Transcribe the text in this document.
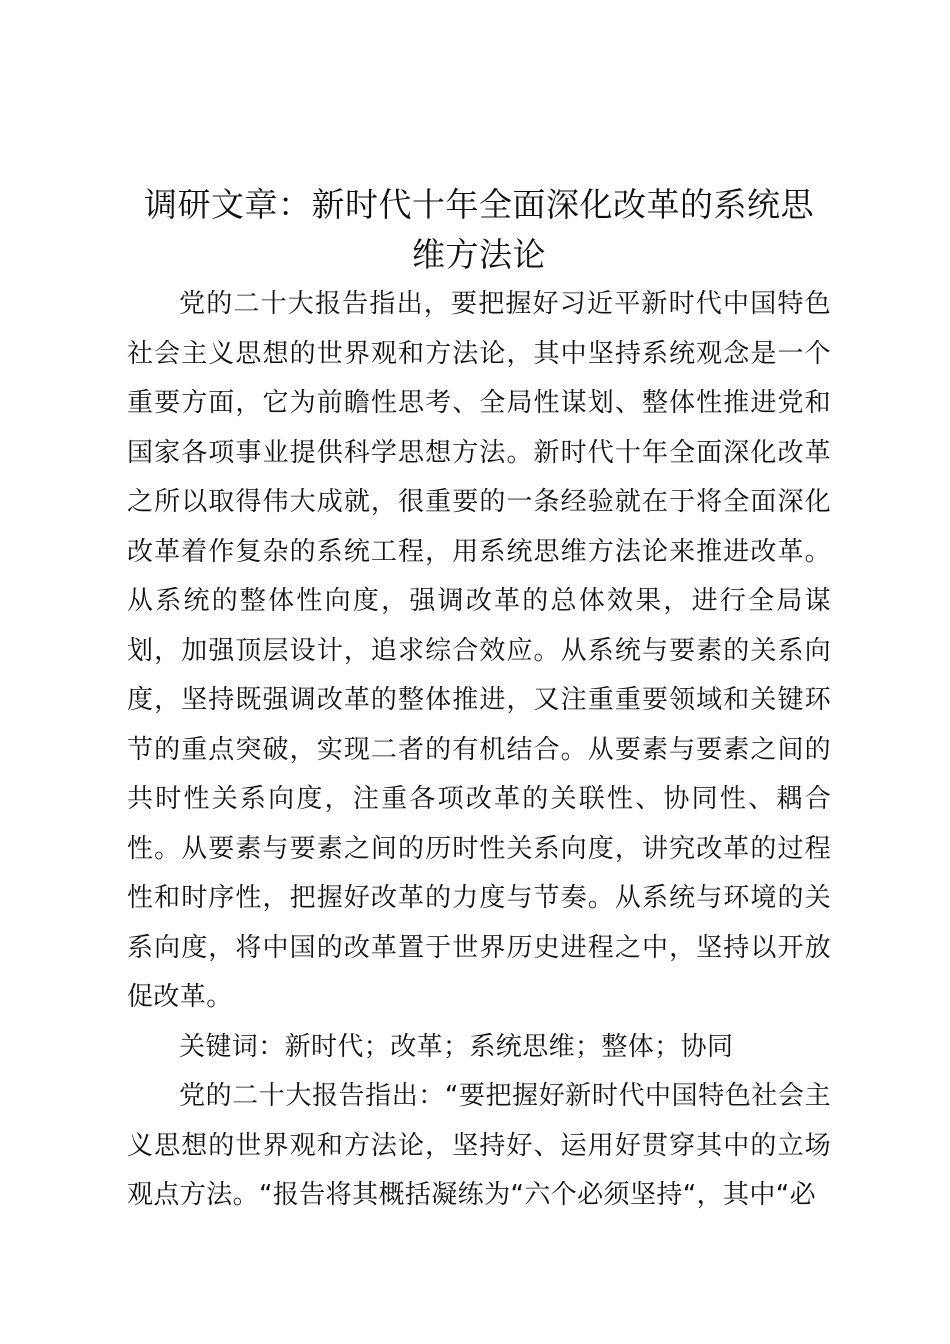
调研文章：新时代十年全面深化改革的系统思
维方法论

党的二十大报告指出，要把握好习近平新时代中国特色社会主义思想的世界观和方法论，其中坚持系统观念是一个重要方面，它为前瞻性思考、全局性谋划、整体性推进党和国家各项事业提供科学思想方法。新时代十年全面深化改革之所以取得伟大成就，很重要的一条经验就在于将全面深化改革着作复杂的系统工程，用系统思维方法论来推进改革。从系统的整体性向度，强调改革的总体效果，进行全局谋划，加强顶层设计，追求综合效应。从系统与要素的关系向度，坚持既强调改革的整体推进，又注重重要领域和关键环节的重点突破，实现二者的有机结合。从要素与要素之间的共时性关系向度，注重各项改革的关联性、协同性、耦合性。从要素与要素之间的历时性关系向度，讲究改革的过程性和时序性，把握好改革的力度与节奏。从系统与环境的关系向度，将中国的改革置于世界历史进程之中，坚持以开放促改革。

关键词：新时代；改革；系统思维；整体；协同

党的二十大报告指出：“要把握好新时代中国特色社会主义思想的世界观和方法论，坚持好、运用好贯穿其中的立场观点方法。“报告将其概括凝练为“六个必须坚持“，其中“必
